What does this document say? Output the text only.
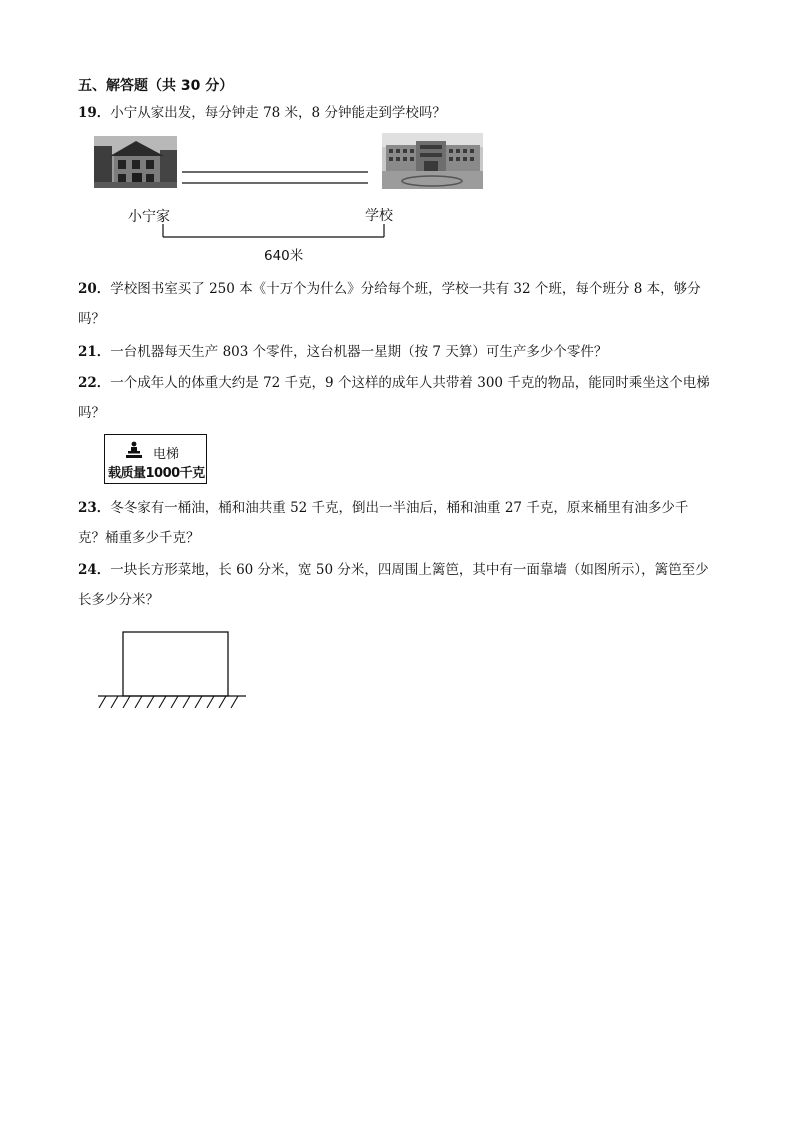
五、解答题（共 30 分）
19．小宁从家出发，每分钟走 78 米，8 分钟能走到学校吗？
小宁家	学校
640米
20．学校图书室买了 250 本《十万个为什么》分给每个班，学校一共有 32 个班，每个班分 8 本，够分
吗？
21．一台机器每天生产 803 个零件，这台机器一星期（按 7 天算）可生产多少个零件？
22．一个成年人的体重大约是 72 千克，9 个这样的成年人共带着 300 千克的物品，能同时乘坐这个电梯
吗？
电梯
载质量1000千克
23．冬冬家有一桶油，桶和油共重 52 千克，倒出一半油后，桶和油重 27 千克，原来桶里有油多少千
克？桶重多少千克？
24．一块长方形菜地，长 60 分米，宽 50 分米，四周围上篱笆，其中有一面靠墙（如图所示），篱笆至少
长多少分米？
